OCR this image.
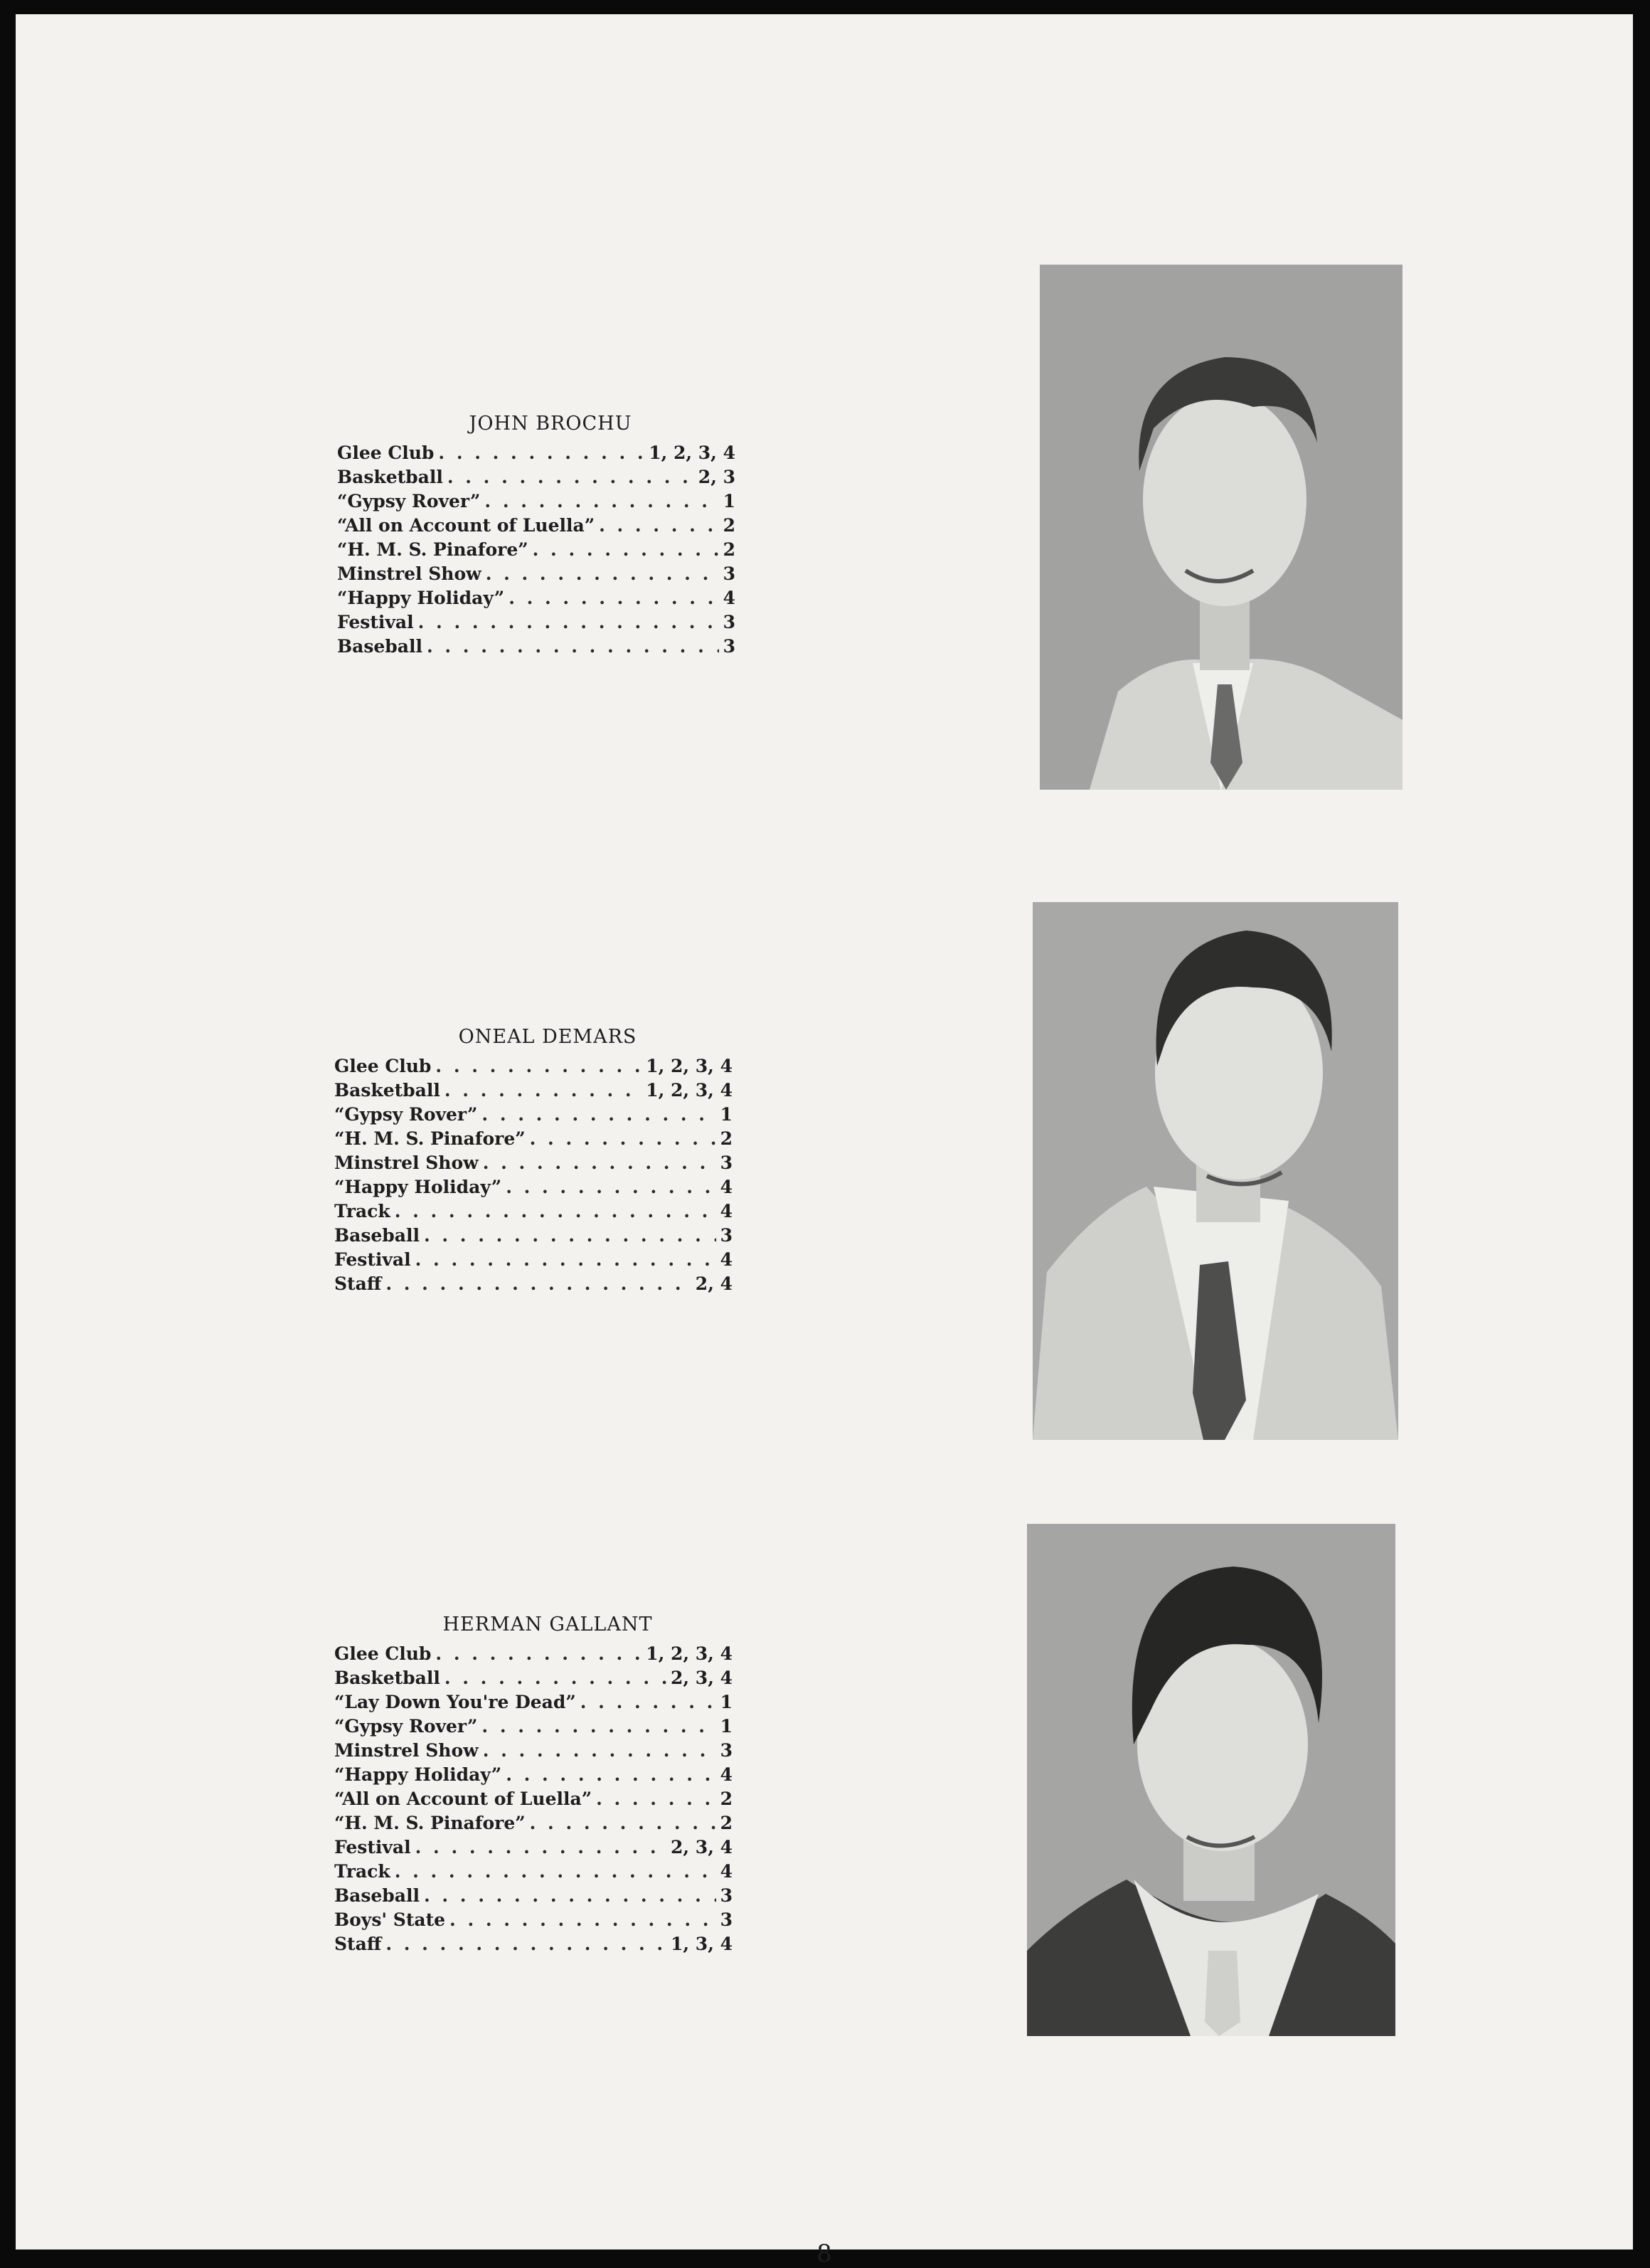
JOHN BROCHU
Glee Club . . .	1, 2, 3, 4
Basketball . . .	2, 3
“Gypsy Rover” . . .	1
“All on Account of Luella” . . .	2
“H. M. S. Pinafore” . . .	2
Minstrel Show . . .	3
“Happy Holiday” . . .	4
Festival . . .	3
Baseball . . .	3
ONEAL DEMARS
Glee Club . . .	1, 2, 3, 4
Basketball . . .	1, 2, 3, 4
“Gypsy Rover” . . .	1
“H. M. S. Pinafore” . . .	2
Minstrel Show . . .	3
“Happy Holiday” . . .	4
Track . . .	4
Baseball . . .	3
Festival . . .	4
Staff . . .	2, 4
HERMAN GALLANT
Glee Club . . .	1, 2, 3, 4
Basketball . . .	2, 3, 4
“Lay Down You're Dead” . . .	1
“Gypsy Rover” . . .	1
Minstrel Show . . .	3
“Happy Holiday” . . .	4
“All on Account of Luella” . . .	2
“H. M. S. Pinafore” . . .	2
Festival . . .	2, 3, 4
Track . . .	4
Baseball . . .	3
Boys' State . . .	3
Staff . . .	1, 3, 4
8
